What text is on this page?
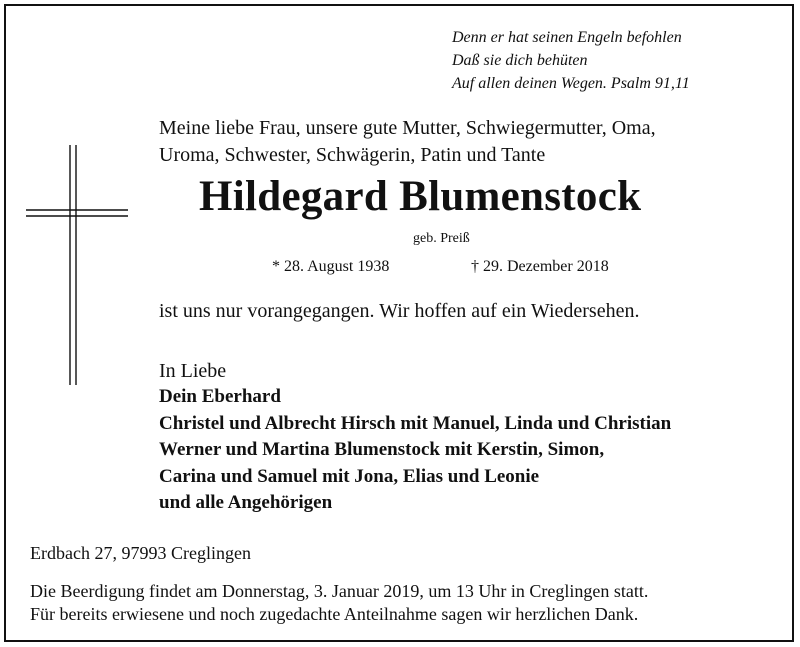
Denn er hat seinen Engeln befohlen
Daß sie dich behüten
Auf allen deinen Wegen. Psalm 91,11
Meine liebe Frau, unsere gute Mutter, Schwiegermutter, Oma,
Uroma, Schwester, Schwägerin, Patin und Tante
Hildegard Blumenstock
geb. Preiß
* 28. August 1938	† 29. Dezember 2018
ist uns nur vorangegangen. Wir hoffen auf ein Wiedersehen.
In Liebe
Dein Eberhard
Christel und Albrecht Hirsch mit Manuel, Linda und Christian
Werner und Martina Blumenstock mit Kerstin, Simon,
Carina und Samuel mit Jona, Elias und Leonie
und alle Angehörigen
Erdbach 27, 97993 Creglingen
Die Beerdigung findet am Donnerstag, 3. Januar 2019, um 13 Uhr in Creglingen statt.
Für bereits erwiesene und noch zugedachte Anteilnahme sagen wir herzlichen Dank.
